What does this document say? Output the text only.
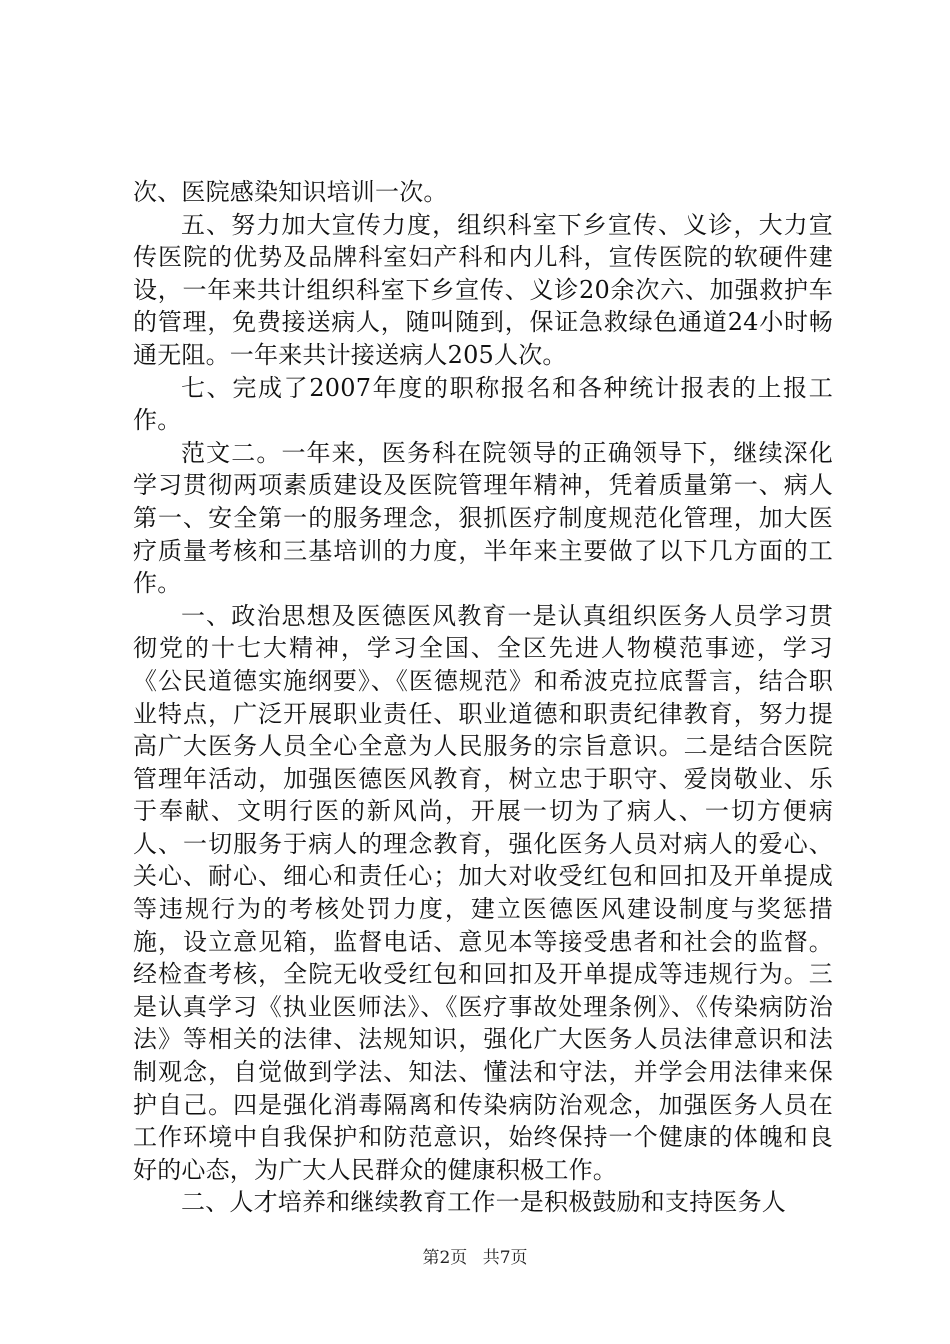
次、医院感染知识培训一次。

五、努力加大宣传力度，组织科室下乡宣传、义诊，大力宣传医院的优势及品牌科室妇产科和内儿科，宣传医院的软硬件建设，一年来共计组织科室下乡宣传、义诊20余次六、加强救护车的管理，免费接送病人，随叫随到，保证急救绿色通道24小时畅通无阻。一年来共计接送病人205人次。

七、完成了2007年度的职称报名和各种统计报表的上报工作。

范文二。一年来，医务科在院领导的正确领导下，继续深化学习贯彻两项素质建设及医院管理年精神，凭着质量第一、病人第一、安全第一的服务理念，狠抓医疗制度规范化管理，加大医疗质量考核和三基培训的力度，半年来主要做了以下几方面的工作。

一、政治思想及医德医风教育一是认真组织医务人员学习贯彻党的十七大精神，学习全国、全区先进人物模范事迹，学习《公民道德实施纲要》、《医德规范》和希波克拉底誓言，结合职业特点，广泛开展职业责任、职业道德和职责纪律教育，努力提高广大医务人员全心全意为人民服务的宗旨意识。二是结合医院管理年活动，加强医德医风教育，树立忠于职守、爱岗敬业、乐于奉献、文明行医的新风尚，开展一切为了病人、一切方便病人、一切服务于病人的理念教育，强化医务人员对病人的爱心、关心、耐心、细心和责任心；加大对收受红包和回扣及开单提成等违规行为的考核处罚力度，建立医德医风建设制度与奖惩措施，设立意见箱，监督电话、意见本等接受患者和社会的监督。经检查考核，全院无收受红包和回扣及开单提成等违规行为。三是认真学习《执业医师法》、《医疗事故处理条例》、《传染病防治法》等相关的法律、法规知识，强化广大医务人员法律意识和法制观念，自觉做到学法、知法、懂法和守法，并学会用法律来保护自己。四是强化消毒隔离和传染病防治观念，加强医务人员在工作环境中自我保护和防范意识，始终保持一个健康的体魄和良好的心态，为广大人民群众的健康积极工作。

二、人才培养和继续教育工作一是积极鼓励和支持医务人

第2页 共7页
